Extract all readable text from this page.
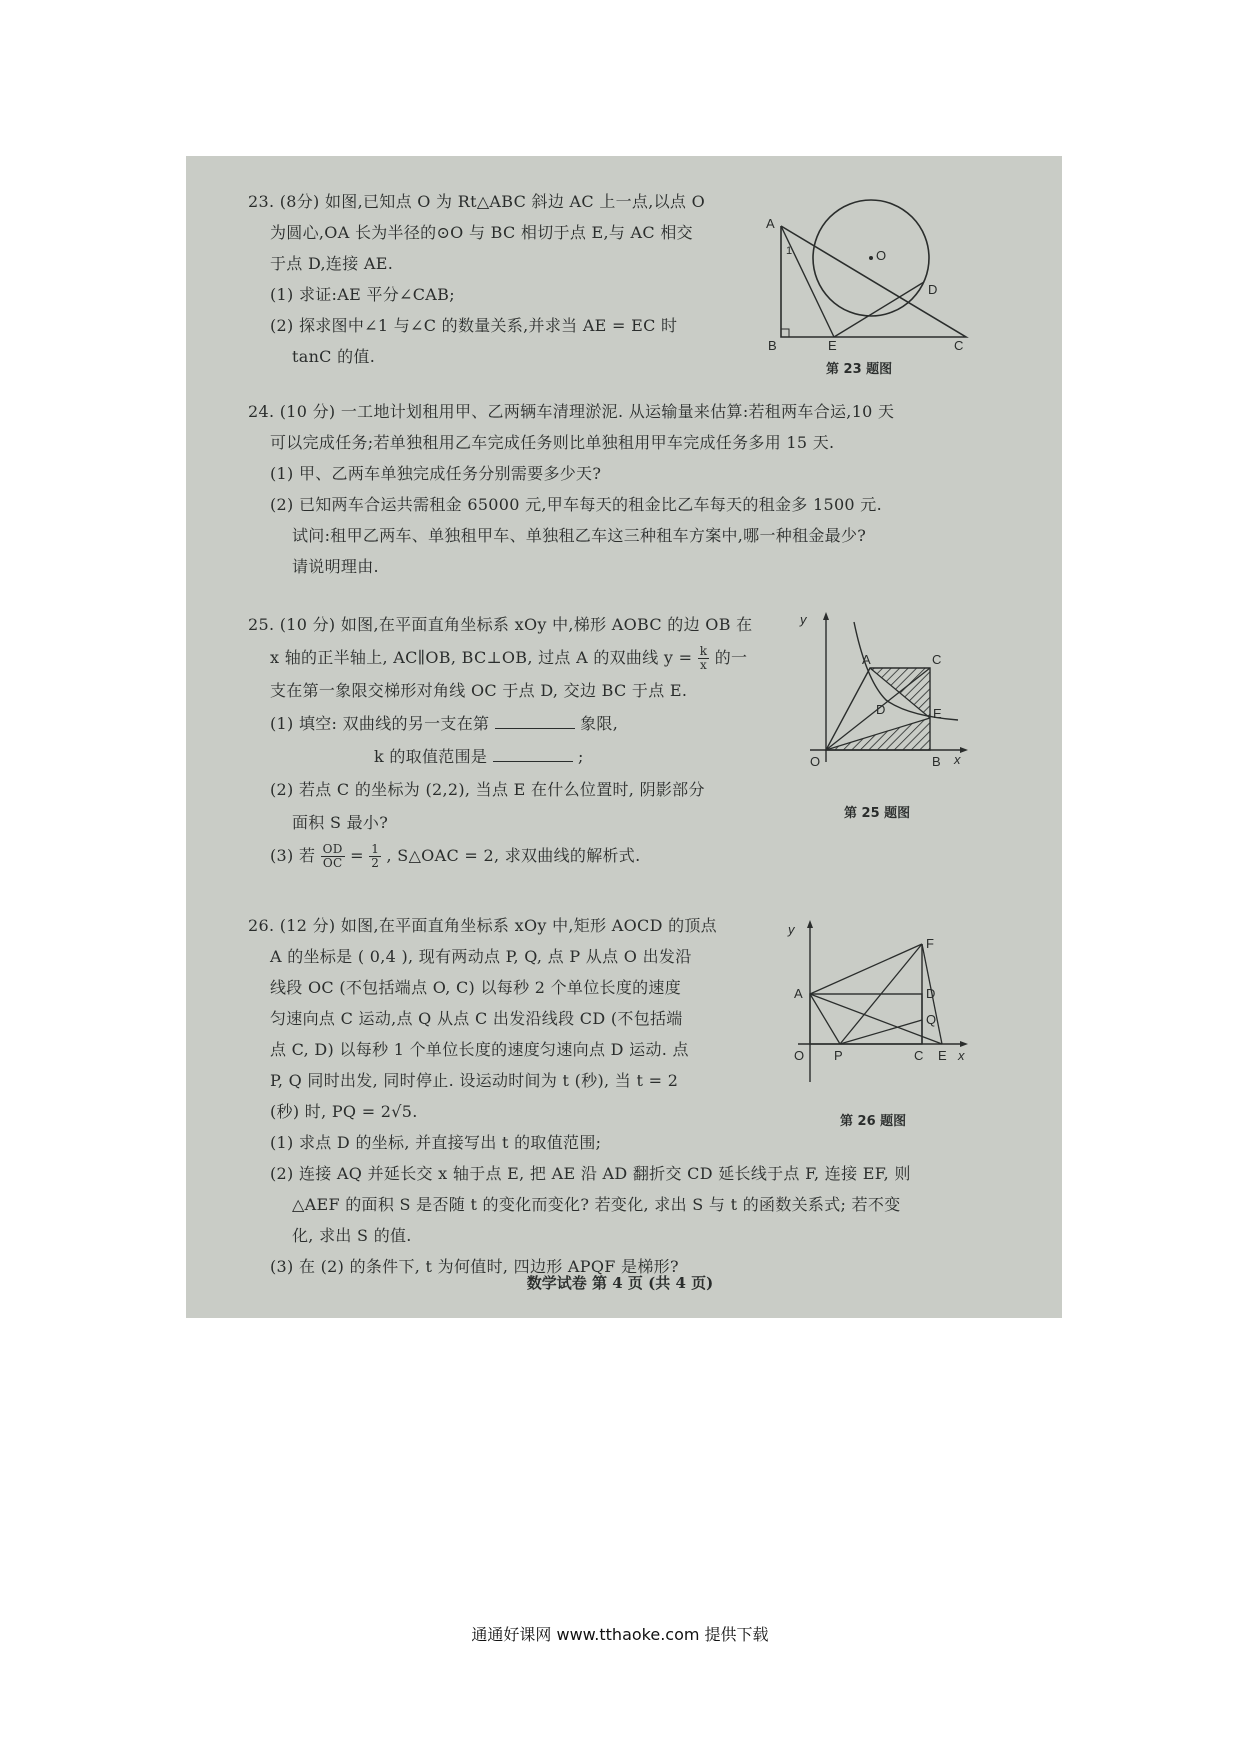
23. (8分) 如图,已知点 O 为 Rt△ABC 斜边 AC 上一点,以点 O
为圆心,OA 长为半径的⊙O 与 BC 相切于点 E,与 AC 相交
于点 D,连接 AE.
(1) 求证:AE 平分∠CAB;
(2) 探求图中∠1 与∠C 的数量关系,并求当 AE = EC 时
tanC 的值.
A
O
D
B	E	C
1
第 23 题图
24. (10 分) 一工地计划租用甲、乙两辆车清理淤泥. 从运输量来估算:若租两车合运,10 天
可以完成任务;若单独租用乙车完成任务则比单独租用甲车完成任务多用 15 天.
(1) 甲、乙两车单独完成任务分别需要多少天?
(2) 已知两车合运共需租金 65000 元,甲车每天的租金比乙车每天的租金多 1500 元.
试问:租甲乙两车、单独租甲车、单独租乙车这三种租车方案中,哪一种租金最少?
请说明理由.
25. (10 分) 如图,在平面直角坐标系 xOy 中,梯形 AOBC 的边 OB 在
x 轴的正半轴上, AC∥OB, BC⊥OB, 过点 A 的双曲线 $y = \frac{k}{x}$ 的一
支在第一象限交梯形对角线 OC 于点 D, 交边 BC 于点 E.
(1) 填空: 双曲线的另一支在第	象限,
k 的取值范围是	;
(2) 若点 C 的坐标为 (2,2), 当点 E 在什么位置时, 阴影部分
面积 S 最小?
(3) 若 $\frac{OD}{OC} = \frac{1}{2}$ , S△OAC = 2, 求双曲线的解析式.
y
x
O
A	C
D	E
B
第 25 题图
26. (12 分) 如图,在平面直角坐标系 xOy 中,矩形 AOCD 的顶点
A 的坐标是 ( 0,4 ), 现有两动点 P, Q, 点 P 从点 O 出发沿
线段 OC (不包括端点 O, C) 以每秒 2 个单位长度的速度
匀速向点 C 运动,点 Q 从点 C 出发沿线段 CD (不包括端
点 C, D) 以每秒 1 个单位长度的速度匀速向点 D 运动. 点
P, Q 同时出发, 同时停止. 设运动时间为 t (秒), 当 t = 2
(秒) 时, PQ = 2√5.
(1) 求点 D 的坐标, 并直接写出 t 的取值范围;
(2) 连接 AQ 并延长交 x 轴于点 E, 把 AE 沿 AD 翻折交 CD 延长线于点 F, 连接 EF, 则
△AEF 的面积 S 是否随 t 的变化而变化? 若变化, 求出 S 与 t 的函数关系式; 若不变
化, 求出 S 的值.
(3) 在 (2) 的条件下, t 为何值时, 四边形 APQF 是梯形?
y
x
O
A
F
D
Q
P	C E
第 26 题图
数学试卷 第 4 页 (共 4 页)
通通好课网 www.tthaoke.com 提供下载
